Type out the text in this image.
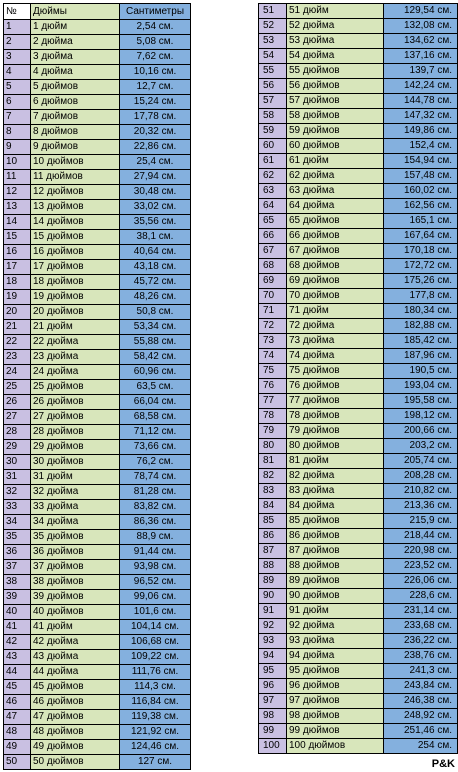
№	Дюймы	Сантиметры
1	1 дюйм	2,54 см.
2	2 дюйма	5,08 см.
3	3 дюйма	7,62 см.
4	4 дюйма	10,16 см.
5	5 дюймов	12,7 см.
6	6 дюймов	15,24 см.
7	7 дюймов	17,78 см.
8	8 дюймов	20,32 см.
9	9 дюймов	22,86 см.
10	10 дюймов	25,4 см.
11	11 дюймов	27,94 см.
12	12 дюймов	30,48 см.
13	13 дюймов	33,02 см.
14	14 дюймов	35,56 см.
15	15 дюймов	38,1 см.
16	16 дюймов	40,64 см.
17	17 дюймов	43,18 см.
18	18 дюймов	45,72 см.
19	19 дюймов	48,26 см.
20	20 дюймов	50,8 см.
21	21 дюйм	53,34 см.
22	22 дюйма	55,88 см.
23	23 дюйма	58,42 см.
24	24 дюйма	60,96 см.
25	25 дюймов	63,5 см.
26	26 дюймов	66,04 см.
27	27 дюймов	68,58 см.
28	28 дюймов	71,12 см.
29	29 дюймов	73,66 см.
30	30 дюймов	76,2 см.
31	31 дюйм	78,74 см.
32	32 дюйма	81,28 см.
33	33 дюйма	83,82 см.
34	34 дюйма	86,36 см.
35	35 дюймов	88,9 см.
36	36 дюймов	91,44 см.
37	37 дюймов	93,98 см.
38	38 дюймов	96,52 см.
39	39 дюймов	99,06 см.
40	40 дюймов	101,6 см.
41	41 дюйм	104,14 см.
42	42 дюйма	106,68 см.
43	43 дюйма	109,22 см.
44	44 дюйма	111,76 см.
45	45 дюймов	114,3 см.
46	46 дюймов	116,84 см.
47	47 дюймов	119,38 см.
48	48 дюймов	121,92 см.
49	49 дюймов	124,46 см.
50	50 дюймов	127 см.
51	51 дюйм	129,54 см.
52	52 дюйма	132,08 см.
53	53 дюйма	134,62 см.
54	54 дюйма	137,16 см.
55	55 дюймов	139,7 см.
56	56 дюймов	142,24 см.
57	57 дюймов	144,78 см.
58	58 дюймов	147,32 см.
59	59 дюймов	149,86 см.
60	60 дюймов	152,4 см.
61	61 дюйм	154,94 см.
62	62 дюйма	157,48 см.
63	63 дюйма	160,02 см.
64	64 дюйма	162,56 см.
65	65 дюймов	165,1 см.
66	66 дюймов	167,64 см.
67	67 дюймов	170,18 см.
68	68 дюймов	172,72 см.
69	69 дюймов	175,26 см.
70	70 дюймов	177,8 см.
71	71 дюйм	180,34 см.
72	72 дюйма	182,88 см.
73	73 дюйма	185,42 см.
74	74 дюйма	187,96 см.
75	75 дюймов	190,5 см.
76	76 дюймов	193,04 см.
77	77 дюймов	195,58 см.
78	78 дюймов	198,12 см.
79	79 дюймов	200,66 см.
80	80 дюймов	203,2 см.
81	81 дюйм	205,74 см.
82	82 дюйма	208,28 см.
83	83 дюйма	210,82 см.
84	84 дюйма	213,36 см.
85	85 дюймов	215,9 см.
86	86 дюймов	218,44 см.
87	87 дюймов	220,98 см.
88	88 дюймов	223,52 см.
89	89 дюймов	226,06 см.
90	90 дюймов	228,6 см.
91	91 дюйм	231,14 см.
92	92 дюйма	233,68 см.
93	93 дюйма	236,22 см.
94	94 дюйма	238,76 см.
95	95 дюймов	241,3 см.
96	96 дюймов	243,84 см.
97	97 дюймов	246,38 см.
98	98 дюймов	248,92 см.
99	99 дюймов	251,46 см.
100	100 дюймов	254 см.
P&K
